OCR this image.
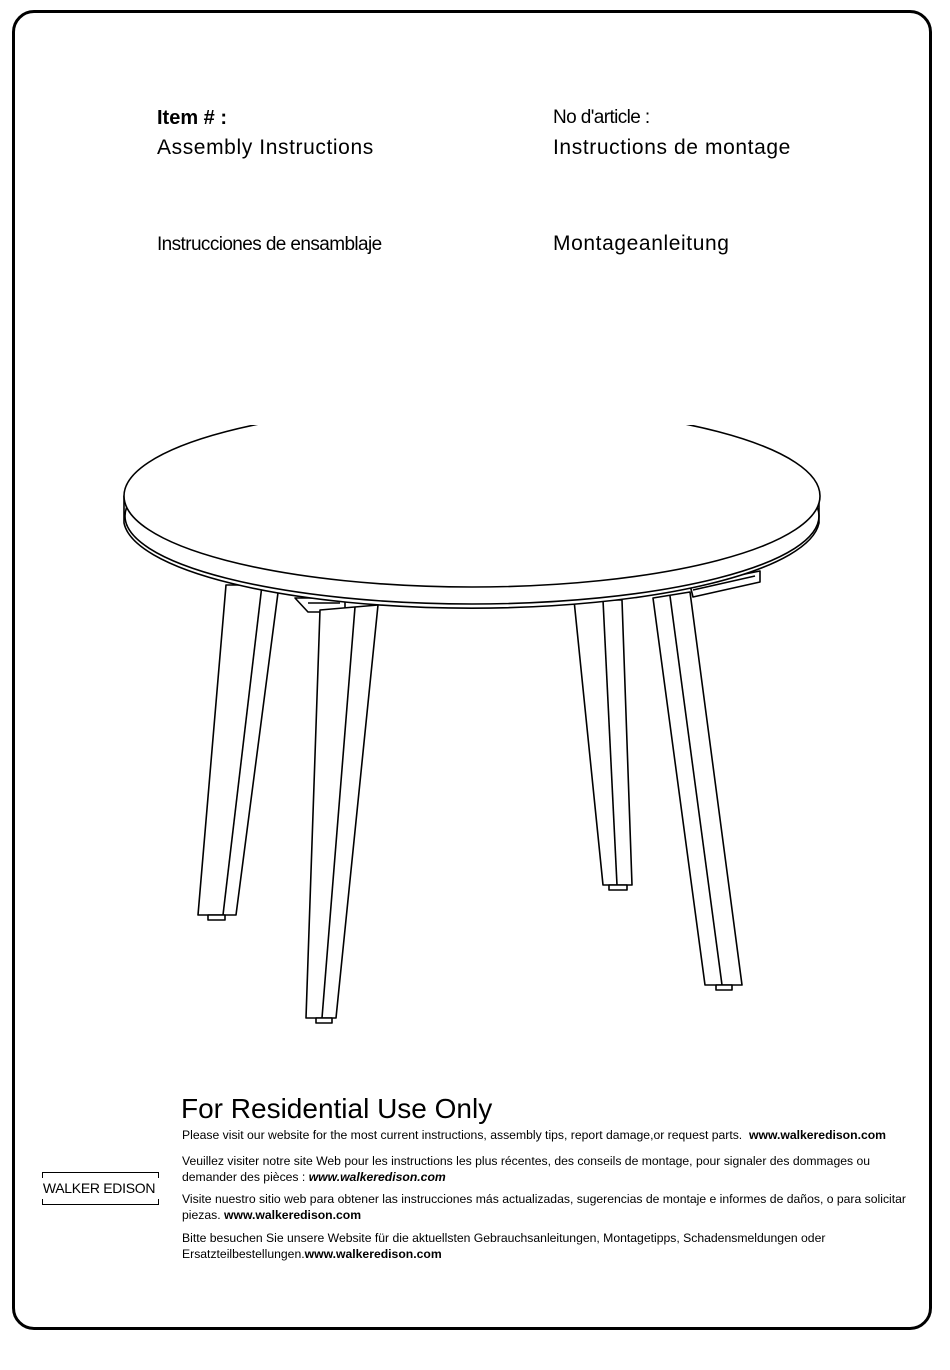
Item # :
Assembly Instructions
No d'article :
Instructions de montage
Instrucciones de ensamblaje	Montageanleitung
For Residential Use Only
Please visit our website for the most current instructions, assembly tips, report damage,or request parts. www.walkeredison.com
Veuillez visiter notre site Web pour les instructions les plus récentes, des conseils de montage, pour signaler des dommages ou demander des pièces : www.walkeredison.com
Visite nuestro sitio web para obtener las instrucciones más actualizadas, sugerencias de montaje e informes de daños, o para solicitar piezas. www.walkeredison.com
Bitte besuchen Sie unsere Website für die aktuellsten Gebrauchsanleitungen, Montagetipps, Schadensmeldungen oder Ersatzteilbestellungen.www.walkeredison.com
WALKER EDISON
